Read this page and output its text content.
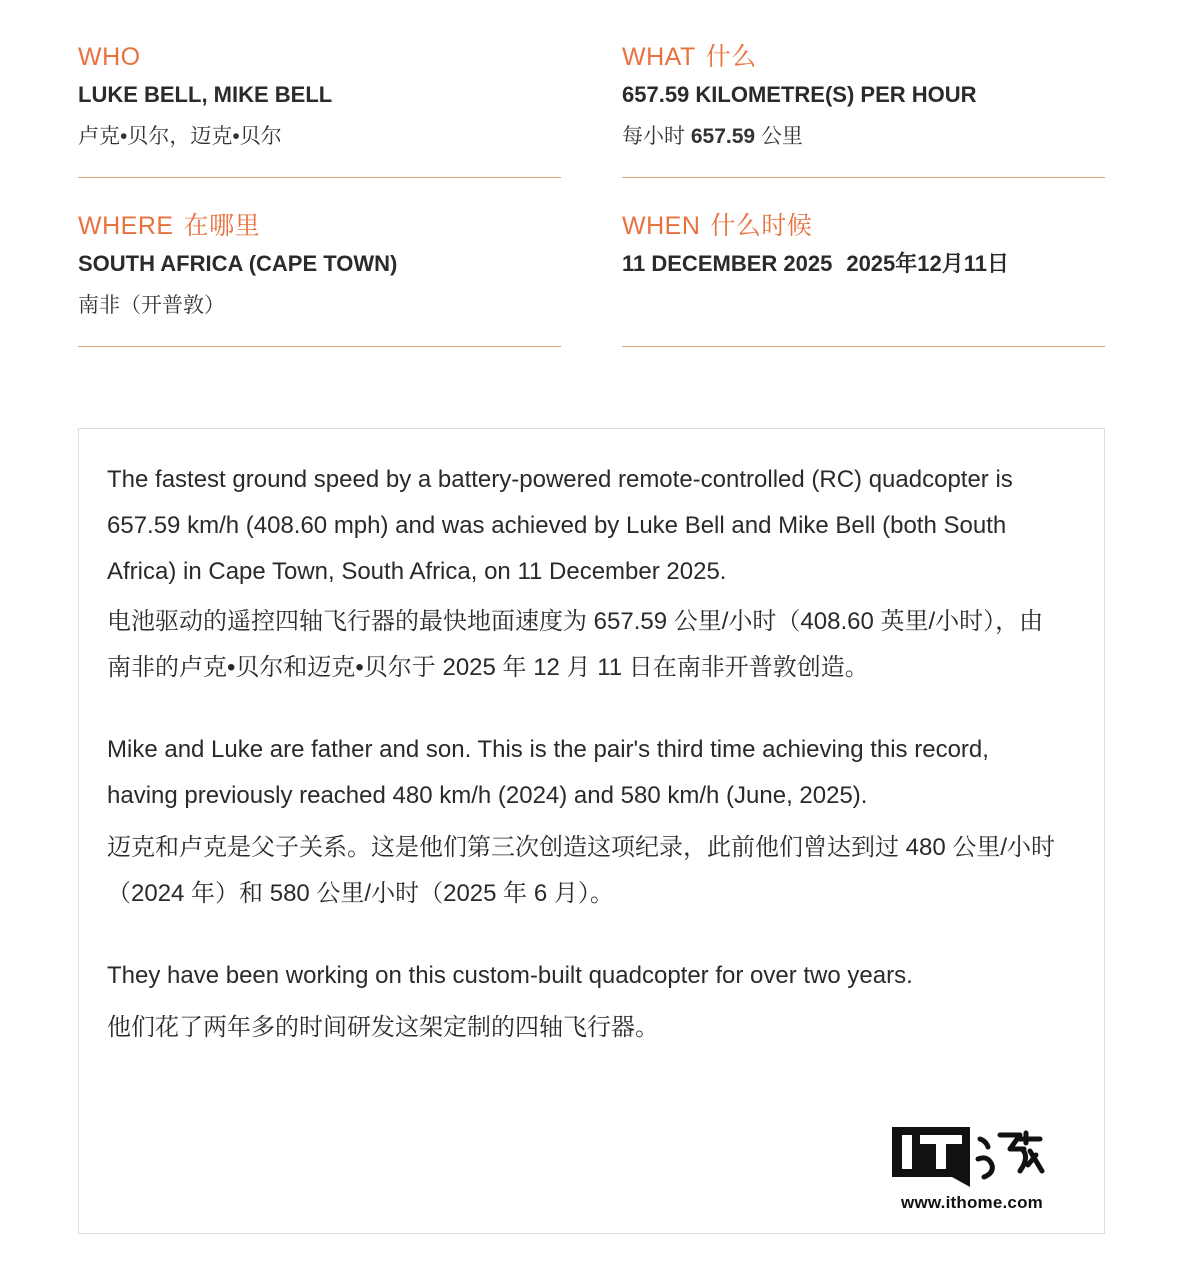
WHO
LUKE BELL, MIKE BELL
卢克•贝尔，迈克•贝尔
WHAT 什么
657.59 KILOMETRE(S) PER HOUR
每小时 657.59 公里
WHERE 在哪里
SOUTH AFRICA (CAPE TOWN)
南非（开普敦）
WHEN 什么时候
11 DECEMBER 2025 2025年12月11日

The fastest ground speed by a battery-powered remote-controlled (RC) quadcopter is 657.59 km/h (408.60 mph) and was achieved by Luke Bell and Mike Bell (both South Africa) in Cape Town, South Africa, on 11 December 2025.

电池驱动的遥控四轴飞行器的最快地面速度为 657.59 公里/小时（408.60 英里/小时），由南非的卢克•贝尔和迈克•贝尔于 2025 年 12 月 11 日在南非开普敦创造。

Mike and Luke are father and son. This is the pair's third time achieving this record, having previously reached 480 km/h (2024) and 580 km/h (June, 2025).

迈克和卢克是父子关系。这是他们第三次创造这项纪录，此前他们曾达到过 480 公里/小时（2024 年）和 580 公里/小时（2025 年 6 月）。

They have been working on this custom-built quadcopter for over two years.

他们花了两年多的时间研发这架定制的四轴飞行器。

www.ithome.com
